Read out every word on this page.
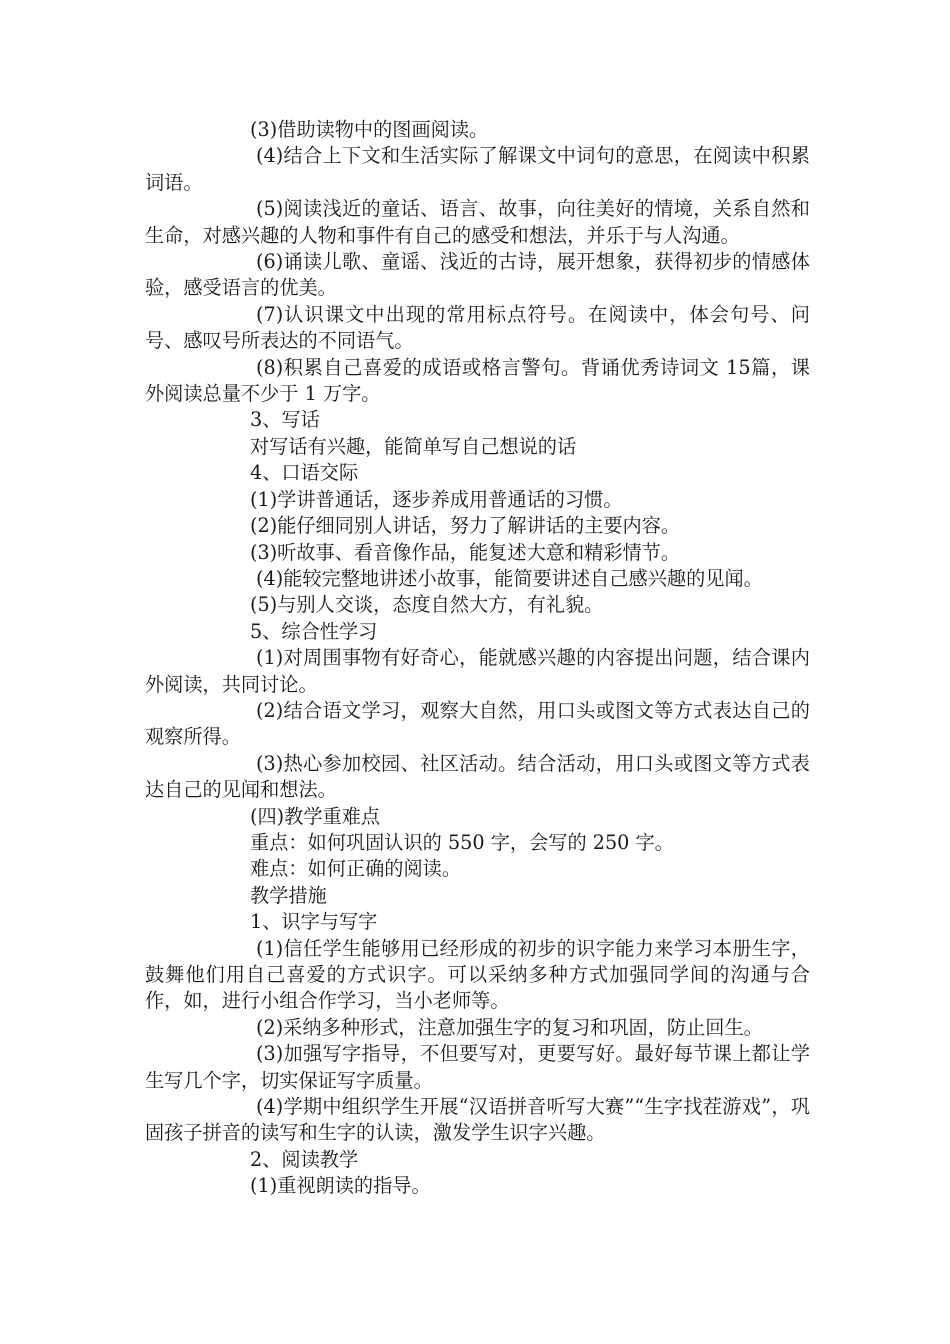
(3)借助读物中的图画阅读。

(4)结合上下文和生活实际了解课文中词句的意思，在阅读中积累词语。

(5)阅读浅近的童话、语言、故事，向往美好的情境，关系自然和生命，对感兴趣的人物和事件有自己的感受和想法，并乐于与人沟通。

(6)诵读儿歌、童谣、浅近的古诗，展开想象，获得初步的情感体验，感受语言的优美。

(7)认识课文中出现的常用标点符号。在阅读中，体会句号、问号、感叹号所表达的不同语气。

(8)积累自己喜爱的成语或格言警句。背诵优秀诗词文 15篇，课外阅读总量不少于 1 万字。

3、写话

对写话有兴趣，能简单写自己想说的话

4、口语交际

(1)学讲普通话，逐步养成用普通话的习惯。

(2)能仔细同别人讲话，努力了解讲话的主要内容。

(3)听故事、看音像作品，能复述大意和精彩情节。

(4)能较完整地讲述小故事，能简要讲述自己感兴趣的见闻。

(5)与别人交谈，态度自然大方，有礼貌。

5、综合性学习

(1)对周围事物有好奇心，能就感兴趣的内容提出问题，结合课内外阅读，共同讨论。

(2)结合语文学习，观察大自然，用口头或图文等方式表达自己的观察所得。

(3)热心参加校园、社区活动。结合活动，用口头或图文等方式表达自己的见闻和想法。

(四)教学重难点

重点：如何巩固认识的 550 字，会写的 250 字。

难点：如何正确的阅读。

教学措施

1、识字与写字

(1)信任学生能够用已经形成的初步的识字能力来学习本册生字，鼓舞他们用自己喜爱的方式识字。可以采纳多种方式加强同学间的沟通与合作，如，进行小组合作学习，当小老师等。

(2)采纳多种形式，注意加强生字的复习和巩固，防止回生。

(3)加强写字指导，不但要写对，更要写好。最好每节课上都让学生写几个字，切实保证写字质量。

(4)学期中组织学生开展“汉语拼音听写大赛”“生字找茬游戏”，巩固孩子拼音的读写和生字的认读，激发学生识字兴趣。

2、阅读教学

(1)重视朗读的指导。
